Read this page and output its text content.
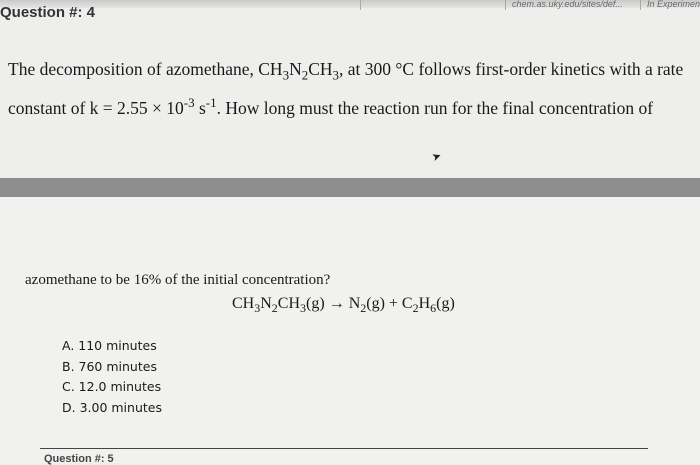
chem.as.uky.edu/sites/def...	In Experimen
Question #: 4
The decomposition of azomethane, $CH_3N_2CH_3$, at 300 °C follows first-order kinetics with a rate
constant of $k = 2.55 \times 10^{-3}$ $s^{-1}$. How long must the reaction run for the final concentration of
➤
azomethane to be 16% of the initial concentration?
$CH_3N_2CH_3(g) \to N_2(g) + C_2H_6(g)$
A. 110 minutes
B. 760 minutes
C. 12.0 minutes
D. 3.00 minutes
Question #: 5
